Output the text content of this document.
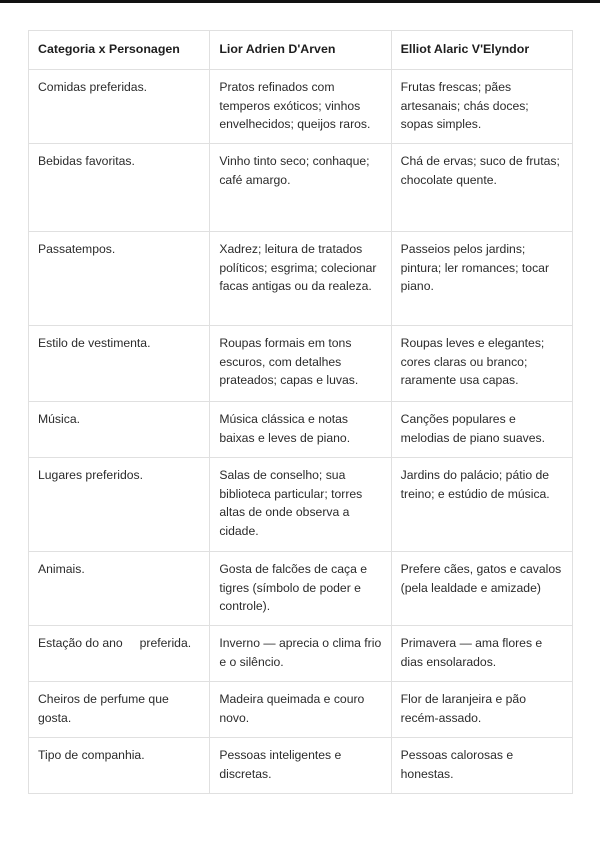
Categoria x Personagen	Lior Adrien D'Arven	Elliot Alaric V'Elyndor
Comidas preferidas.	Pratos refinados com temperos exóticos; vinhos envelhecidos; queijos raros.	Frutas frescas; pães artesanais; chás doces; sopas simples.
Bebidas favoritas.	Vinho tinto seco; conhaque; café amargo.	Chá de ervas; suco de frutas; chocolate quente.
Passatempos.	Xadrez; leitura de tratados políticos; esgrima; colecionar facas antigas ou da realeza.	Passeios pelos jardins; pintura; ler romances; tocar piano.
Estilo de vestimenta.	Roupas formais em tons escuros, com detalhes prateados; capas e luvas.	Roupas leves e elegantes; cores claras ou branco; raramente usa capas.
Música.	Música clássica e notas baixas e leves de piano.	Canções populares e melodias de piano suaves.
Lugares preferidos.	Salas de conselho; sua biblioteca particular; torres altas de onde observa a cidade.	Jardins do palácio; pátio de treino; e estúdio de música.
Animais.	Gosta de falcões de caça e tigres (símbolo de poder e controle).	Prefere cães, gatos e cavalos (pela lealdade e amizade)
Estação do ano     preferida.	Inverno — aprecia o clima frio e o silêncio.	Primavera — ama flores e dias ensolarados.
Cheiros de perfume que gosta.	Madeira queimada e couro novo.	Flor de laranjeira e pão recém-assado.
Tipo de companhia.	Pessoas inteligentes e discretas.	Pessoas calorosas e honestas.
